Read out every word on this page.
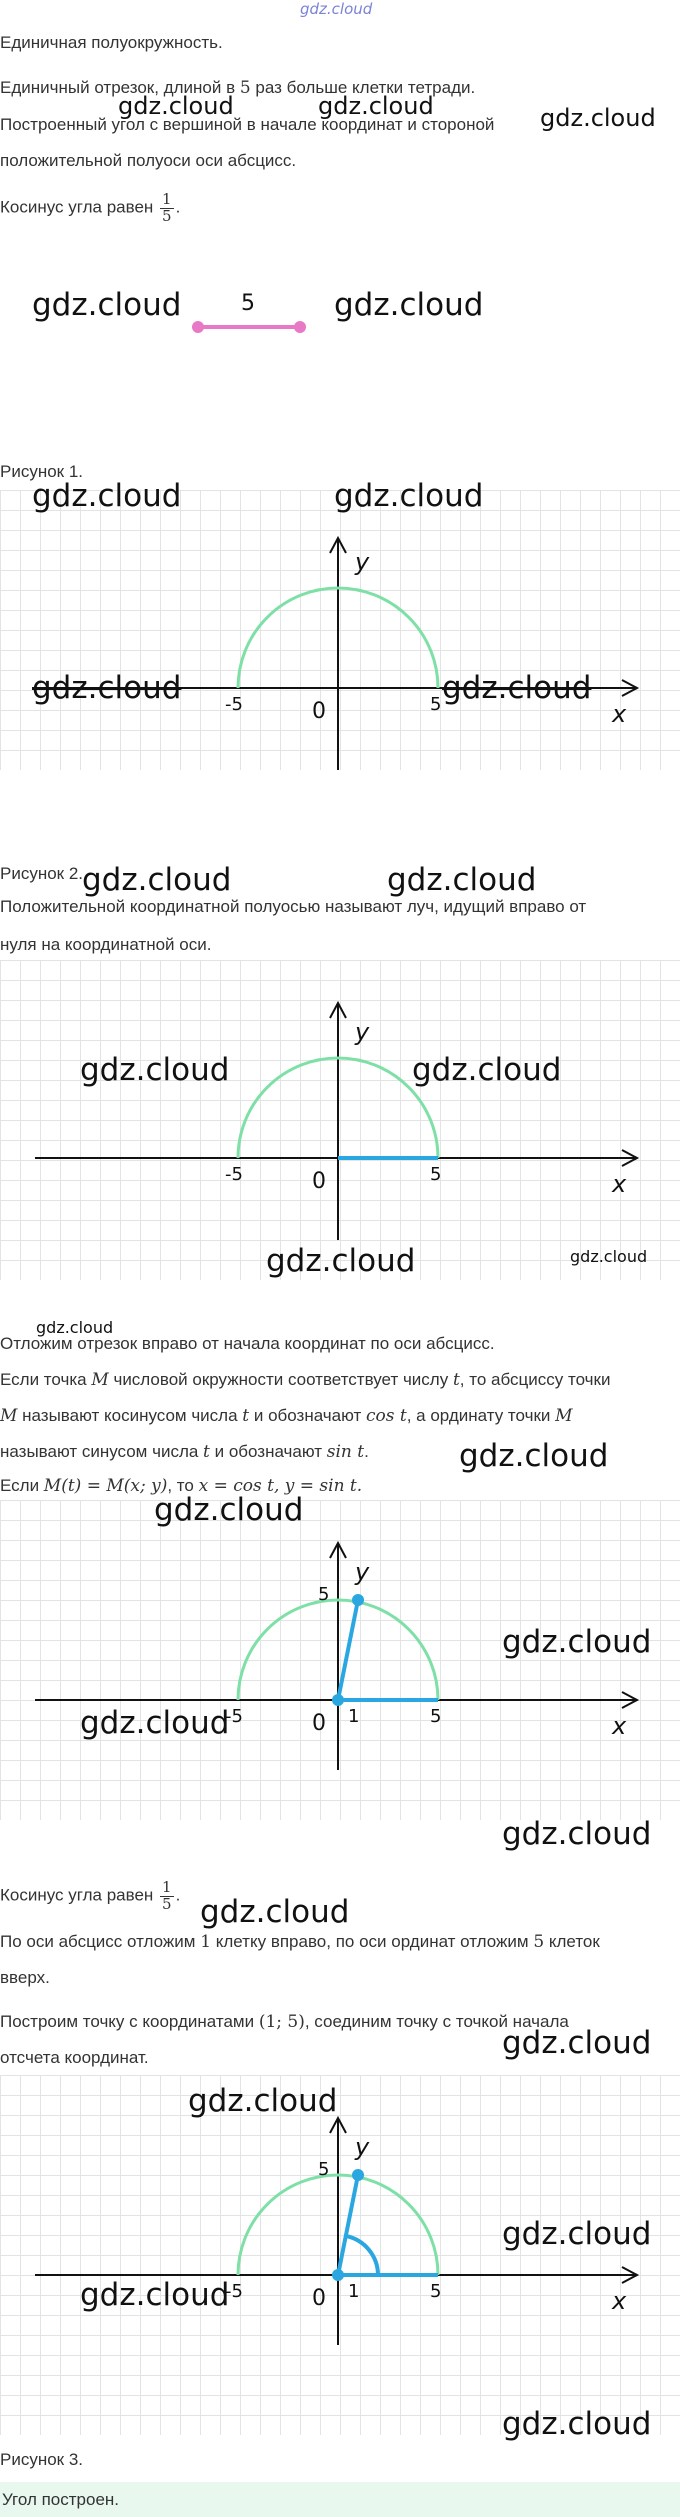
gdz.cloud
Единичная полуокружность.
Единичный отрезок, длиной в 5 раз больше клетки тетради.
Построенный угол с вершиной в начале координат и стороной
положительной полуоси оси абсцисс.
Косинус угла равен $\frac{1}{5}$ .
5
Рисунок 1.
x
y
0
-5	5
Рисунок 2.
Положительной координатной полуосью называют луч, идущий вправо от
нуля на координатной оси.
x
y
0
-5	5
Отложим отрезок вправо от начала координат по оси абсцисс.
Если точка M числовой окружности соответствует числу t, то абсциссу точки
M называют косинусом числа t и обозначают cos t, а ординату точки M
называют синусом числа t и обозначают sin t.
Если M(t) = M(x; y), то x = cos t, y = sin t.
x
y
0
-5	5
1
5
Косинус угла равен $\frac{1}{5}$ .
По оси абсцисс отложим 1 клетку вправо, по оси ординат отложим 5 клеток
вверх.
Построим точку с координатами (1; 5), соединим точку с точкой начала
отсчета координат.
x
y
0
-5	5
1
5
Рисунок 3.
Угол построен.
gdz.cloud	gdz.cloud	gdz.cloud
gdz.cloud	gdz.cloud
gdz.cloud	gdz.cloud
gdz.cloud	gdz.cloud
gdz.cloud	gdz.cloud
gdz.cloud	gdz.cloud
gdz.cloud	gdz.cloud
gdz.cloud
gdz.cloud
gdz.cloud
gdz.cloud
gdz.cloud
gdz.cloud
gdz.cloud
gdz.cloud
gdz.cloud
gdz.cloud
gdz.cloud
gdz.cloud
